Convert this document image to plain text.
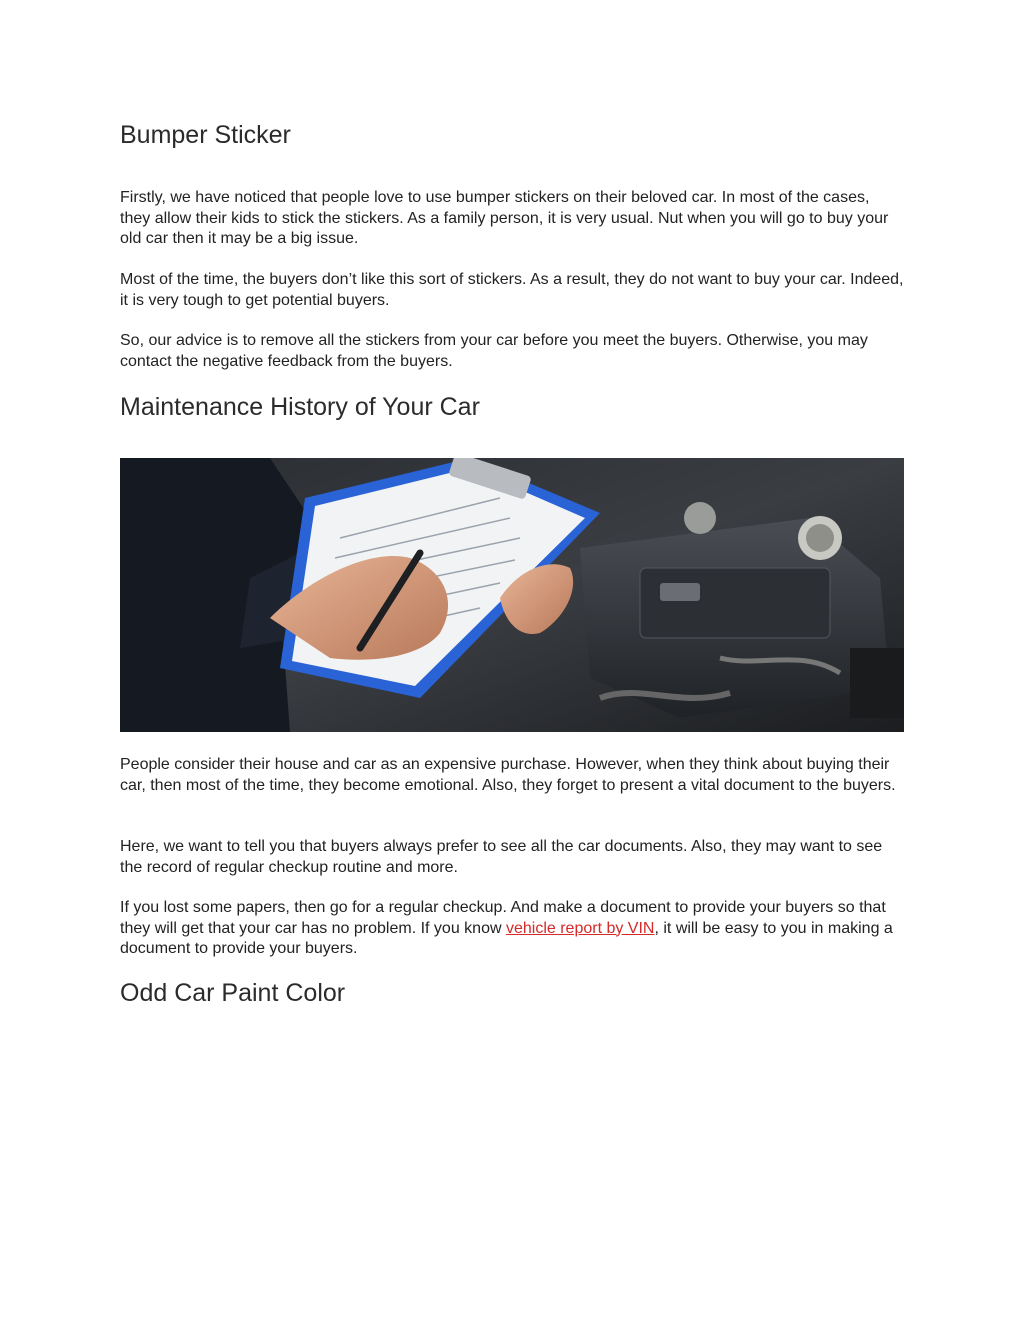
Bumper Sticker

Firstly, we have noticed that people love to use bumper stickers on their beloved car. In most of the cases, they allow their kids to stick the stickers. As a family person, it is very usual. Nut when you will go to buy your old car then it may be a big issue.

Most of the time, the buyers don’t like this sort of stickers. As a result, they do not want to buy your car. Indeed, it is very tough to get potential buyers.

So, our advice is to remove all the stickers from your car before you meet the buyers. Otherwise, you may contact the negative feedback from the buyers.

Maintenance History of Your Car

People consider their house and car as an expensive purchase. However, when they think about buying their car, then most of the time, they become emotional. Also, they forget to present a vital document to the buyers.

Here, we want to tell you that buyers always prefer to see all the car documents. Also, they may want to see the record of regular checkup routine and more.

If you lost some papers, then go for a regular checkup. And make a document to provide your buyers so that they will get that your car has no problem. If you know vehicle report by VIN, it will be easy to you in making a document to provide your buyers.

Odd Car Paint Color
